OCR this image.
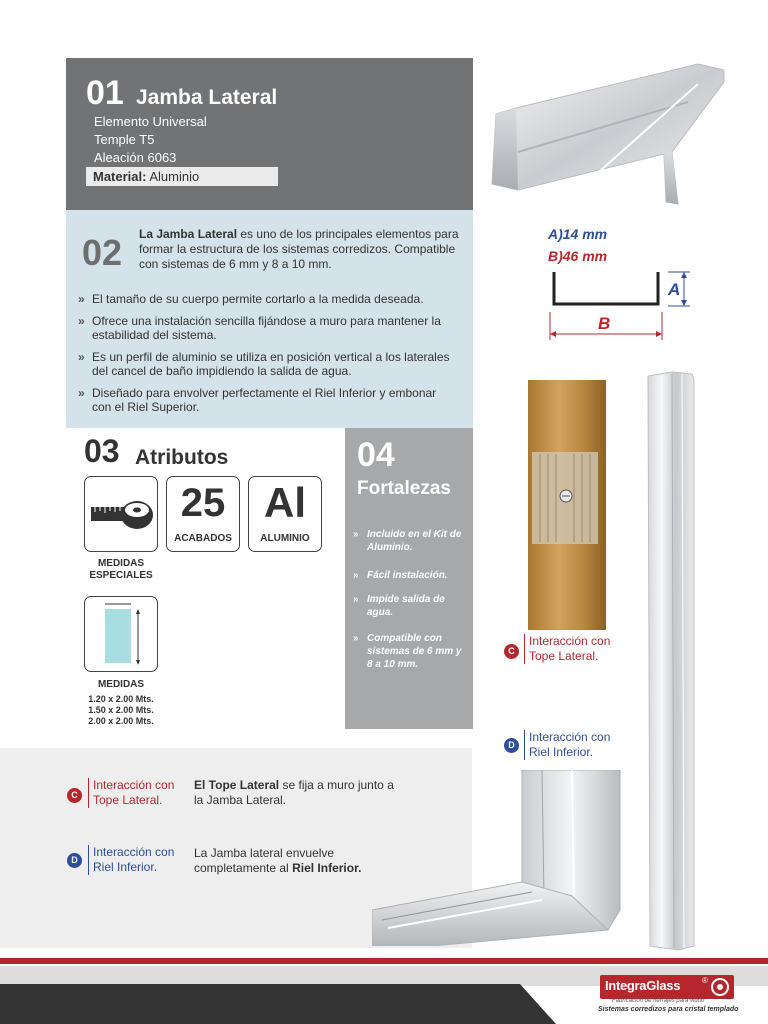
01 Jamba Lateral
Elemento Universal
Temple T5
Aleación 6063
Material: Aluminio
02 La Jamba Lateral es uno de los principales elementos para formar la estructura de los sistemas corredizos. Compatible con sistemas de 6 mm y 8 a 10 mm.
» El tamaño de su cuerpo permite cortarlo a la medida deseada.
» Ofrece una instalación sencilla fijándose a muro para mantener la estabilidad del sistema.
» Es un perfil de aluminio se utiliza en posición vertical a los laterales del cancel de baño impidiendo la salida de agua.
» Diseñado para envolver perfectamente el Riel Inferior y embonar con el Riel Superior.
A)14 mm
B)46 mm
A
B
03 Atributos
MEDIDAS
ESPECIALES
25
ACABADOS
Al
ALUMINIO
MEDIDAS
1.20 x 2.00 Mts.
1.50 x 2.00 Mts.
2.00 x 2.00 Mts.
04
Fortalezas
» Incluido en el Kit de Aluminio.
» Fácil instalación.
» Impide salida de agua.
» Compatible con sistemas de 6 mm y 8 a 10 mm.
C
Interacción con Tope Lateral.
D
Interacción con Riel Inferior.
C
Interacción con Tope Lateral.
El Tope Lateral se fija a muro junto a la Jamba Lateral.
D
Interacción con Riel Inferior.
La Jamba lateral envuelve completamente al Riel Inferior.
IntegraGlass	®
Fabricación de herrajes para vidrio
Sistemas corredizos para cristal templado
